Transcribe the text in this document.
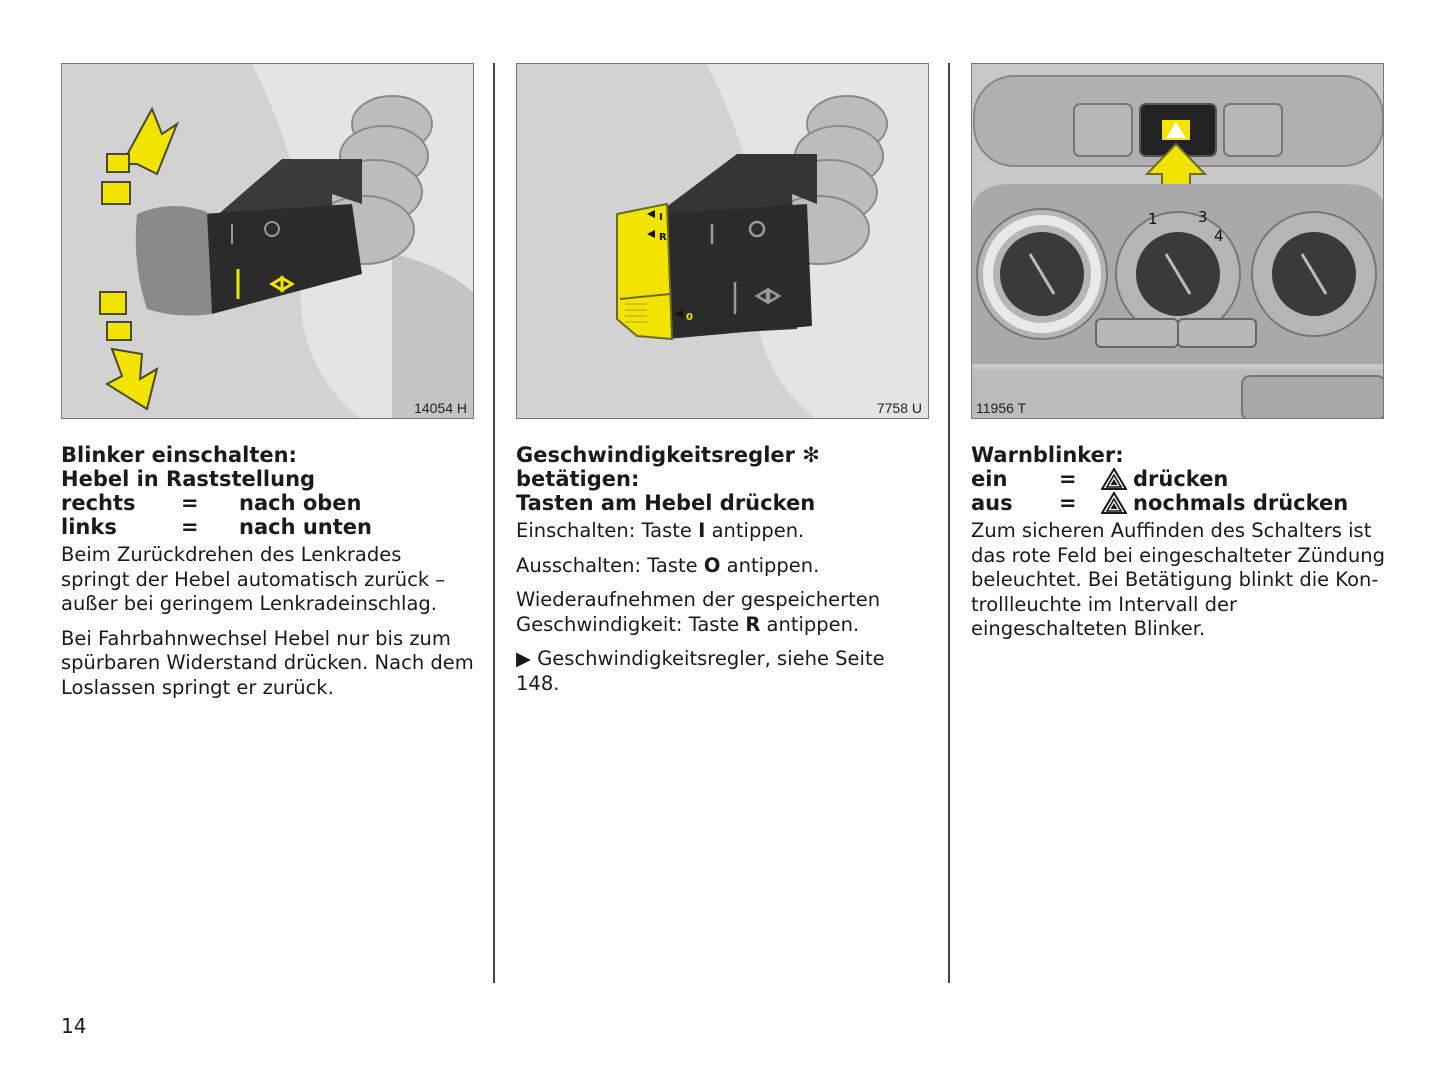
14054 H
Blinker einschalten:
Hebel in Raststellung
rechts	=	nach oben
links	=	nach unten

Beim Zurückdrehen des Lenkrades springt der Hebel automatisch zurück – außer bei geringem Lenkradeinschlag.

Bei Fahrbahnwechsel Hebel nur bis zum spürbaren Widerstand drücken. Nach dem Loslassen springt er zurück.

I
R
0
7758 U
Geschwindigkeitsregler ✻ betätigen:
Tasten am Hebel drücken

Einschalten: Taste I antippen.

Ausschalten: Taste O antippen.

Wiederaufnehmen der gespeicherten
Geschwindigkeit: Taste R antippen.

▶ Geschwindigkeitsregler, siehe Seite 148.

1	3
4
11956 T
Warnblinker:
ein	=	drücken
aus	=	nochmals drücken

Zum sicheren Auffinden des Schalters ist das rote Feld bei eingeschalteter Zündung beleuchtet. Bei Betätigung blinkt die Kon-trollleuchte im Intervall der eingeschalteten Blinker.

14
